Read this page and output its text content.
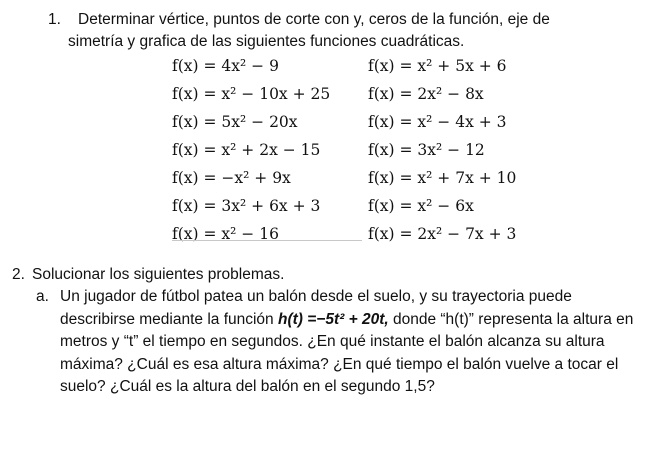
1. Determinar vértice, puntos de corte con y, ceros de la función, eje de
simetría y grafica de las siguientes funciones cuadráticas.
f(x) = 4x² − 9	f(x) = x² + 5x + 6
f(x) = x² − 10x + 25 f(x) = 2x² − 8x
f(x) = 5x² − 20x	f(x) = x² − 4x + 3
f(x) = x² + 2x − 15	f(x) = 3x² − 12
f(x) = −x² + 9x	f(x) = x² + 7x + 10
f(x) = 3x² + 6x + 3	f(x) = x² − 6x
f(x) = x² − 16	f(x) = 2x² − 7x + 3
2. Solucionar los siguientes problemas.
a. Un jugador de fútbol patea un balón desde el suelo, y su trayectoria puede describirse mediante la función h(t) =−5t² + 20t, donde “h(t)” representa la altura en metros y “t” el tiempo en segundos. ¿En qué instante el balón alcanza su altura máxima? ¿Cuál es esa altura máxima? ¿En qué tiempo el balón vuelve a tocar el suelo? ¿Cuál es la altura del balón en el segundo 1,5?
